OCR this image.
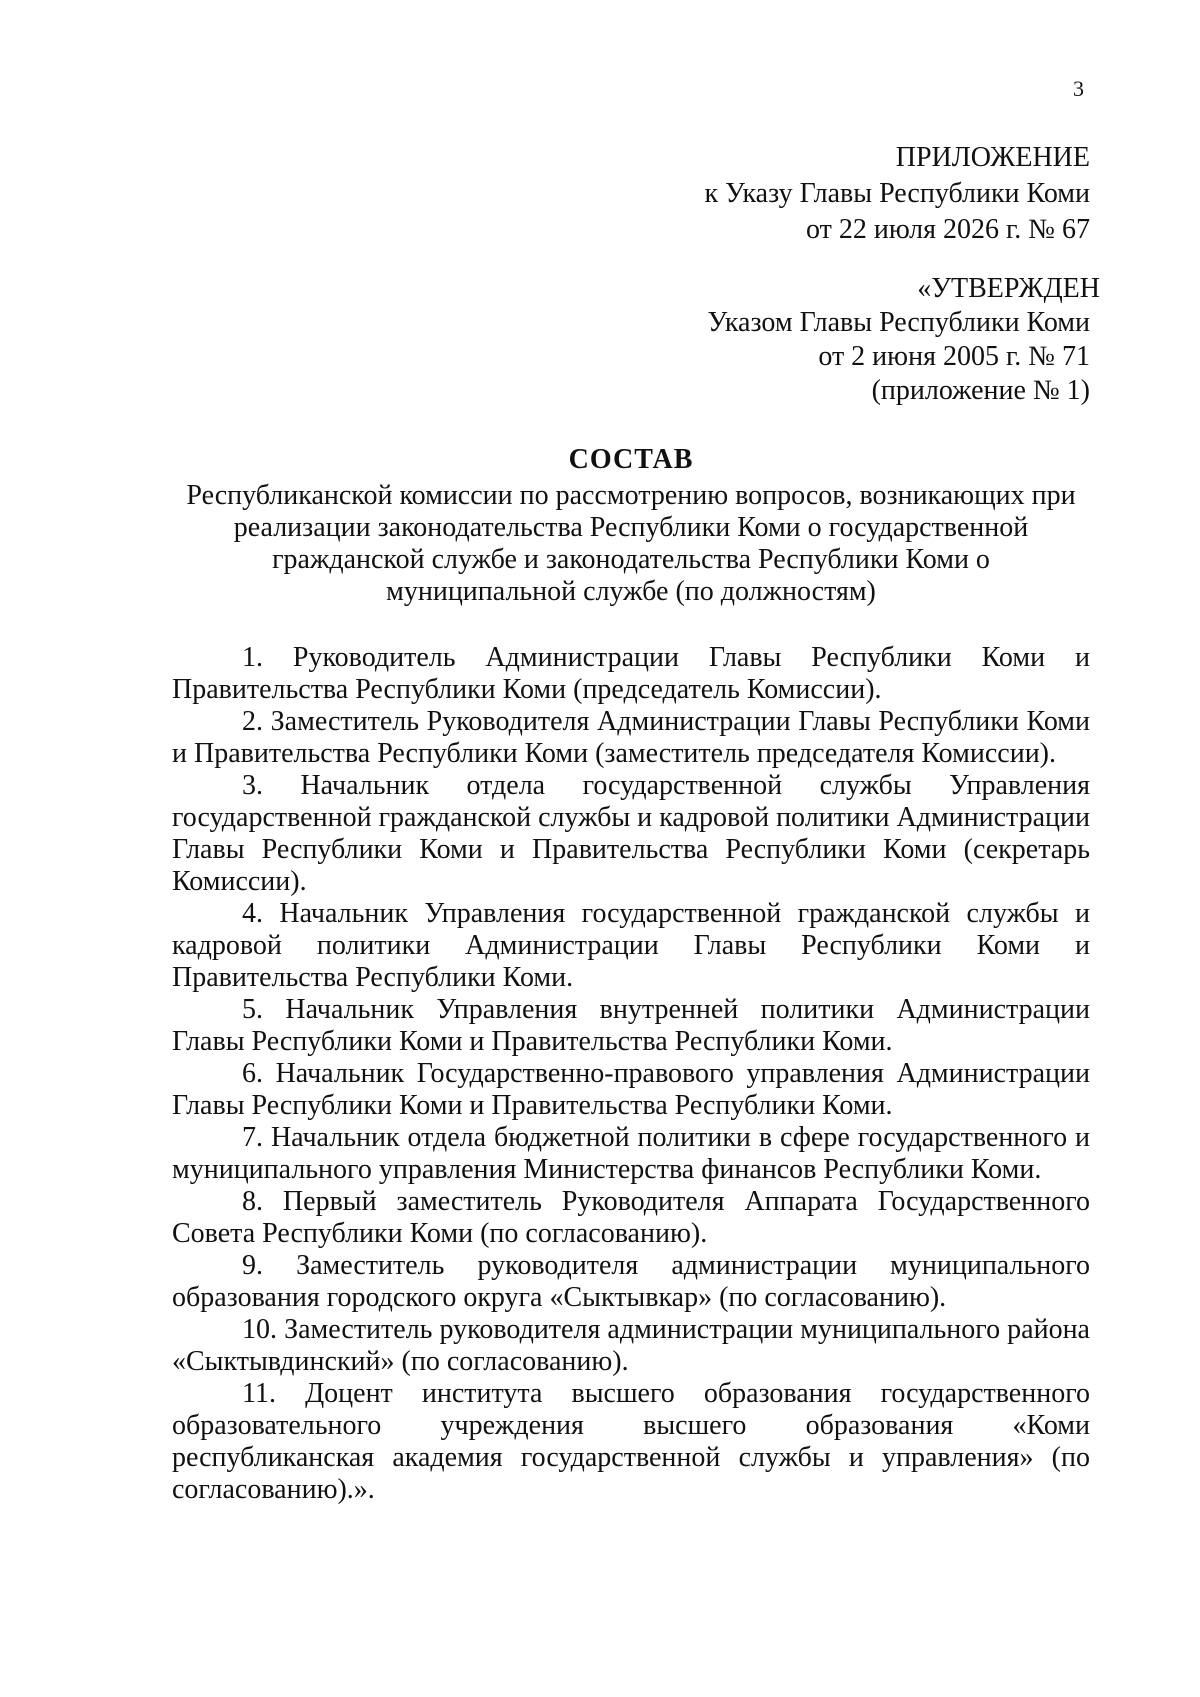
3
ПРИЛОЖЕНИЕ
к Указу Главы Республики Коми
от 22 июля 2026 г. № 67
«УТВЕРЖДЕН
Указом Главы Республики Коми
от 2 июня 2005 г. № 71
(приложение № 1)
СОСТАВ
Республиканской комиссии по рассмотрению вопросов, возникающих при
реализации законодательства Республики Коми о государственной
гражданской службе и законодательства Республики Коми о
муниципальной службе (по должностям)

1. Руководитель Администрации Главы Республики Коми и Правительства Республики Коми (председатель Комиссии).

2. Заместитель Руководителя Администрации Главы Республики Коми и Правительства Республики Коми (заместитель председателя Комиссии).

3. Начальник отдела государственной службы Управления государственной гражданской службы и кадровой политики Администрации Главы Республики Коми и Правительства Республики Коми (секретарь Комиссии).

4. Начальник Управления государственной гражданской службы и кадровой политики Администрации Главы Республики Коми и Правительства Республики Коми.

5. Начальник Управления внутренней политики Администрации Главы Республики Коми и Правительства Республики Коми.

6. Начальник Государственно-правового управления Администрации Главы Республики Коми и Правительства Республики Коми.

7. Начальник отдела бюджетной политики в сфере государственного и муниципального управления Министерства финансов Республики Коми.

8. Первый заместитель Руководителя Аппарата Государственного Совета Республики Коми (по согласованию).

9. Заместитель руководителя администрации муниципального образования городского округа «Сыктывкар» (по согласованию).

10. Заместитель руководителя администрации муниципального района «Сыктывдинский» (по согласованию).

11. Доцент института высшего образования государственного образовательного учреждения высшего образования «Коми республиканская академия государственной службы и управления» (по согласованию).».
